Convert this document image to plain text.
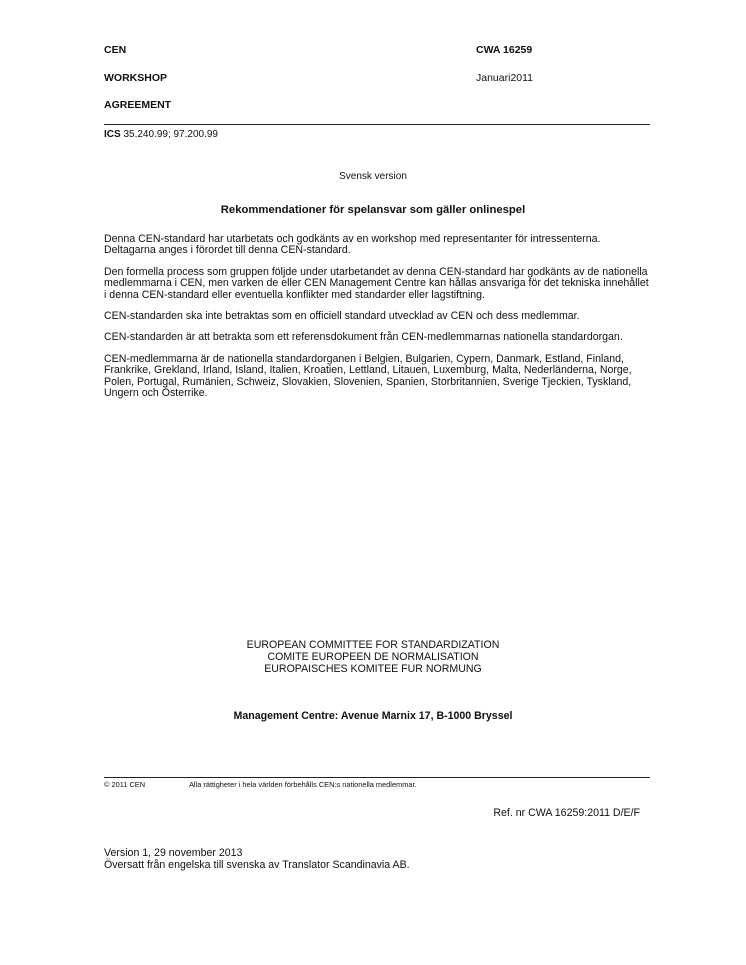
CEN
WORKSHOP
AGREEMENT
CWA 16259
Januari2011
ICS 35.240.99; 97.200.99
Svensk version
Rekommendationer för spelansvar som gäller onlinespel

Denna CEN-standard har utarbetats och godkänts av en workshop med representanter för intressenterna. Deltagarna anges i förordet till denna CEN-standard.

Den formella process som gruppen följde under utarbetandet av denna CEN-standard har godkänts av de nationella medlemmarna i CEN, men varken de eller CEN Management Centre kan hållas ansvariga för det tekniska innehållet i denna CEN-standard eller eventuella konflikter med standarder eller lagstiftning.

CEN-standarden ska inte betraktas som en officiell standard utvecklad av CEN och dess medlemmar.

CEN-standarden är att betrakta som ett referensdokument från CEN-medlemmarnas nationella standardorgan.

CEN-medlemmarna är de nationella standardorganen i Belgien, Bulgarien, Cypern, Danmark, Estland, Finland, Frankrike, Grekland, Irland, Island, Italien, Kroatien, Lettland, Litauen, Luxemburg, Malta, Nederländerna, Norge, Polen, Portugal, Rumänien, Schweiz, Slovakien, Slovenien, Spanien, Storbritannien, Sverige Tjeckien, Tyskland, Ungern och Österrike.

EUROPEAN COMMITTEE FOR STANDARDIZATION
COMITE EUROPEEN DE NORMALISATION
EUROPAISCHES KOMITEE FUR NORMUNG
Management Centre: Avenue Marnix 17, B-1000 Bryssel
© 2011 CEN	Alla rättigheter i hela världen förbehålls CEN:s nationella medlemmar.
Ref. nr CWA 16259:2011 D/E/F
Version 1, 29 november 2013
Översatt från engelska till svenska av Translator Scandinavia AB.
